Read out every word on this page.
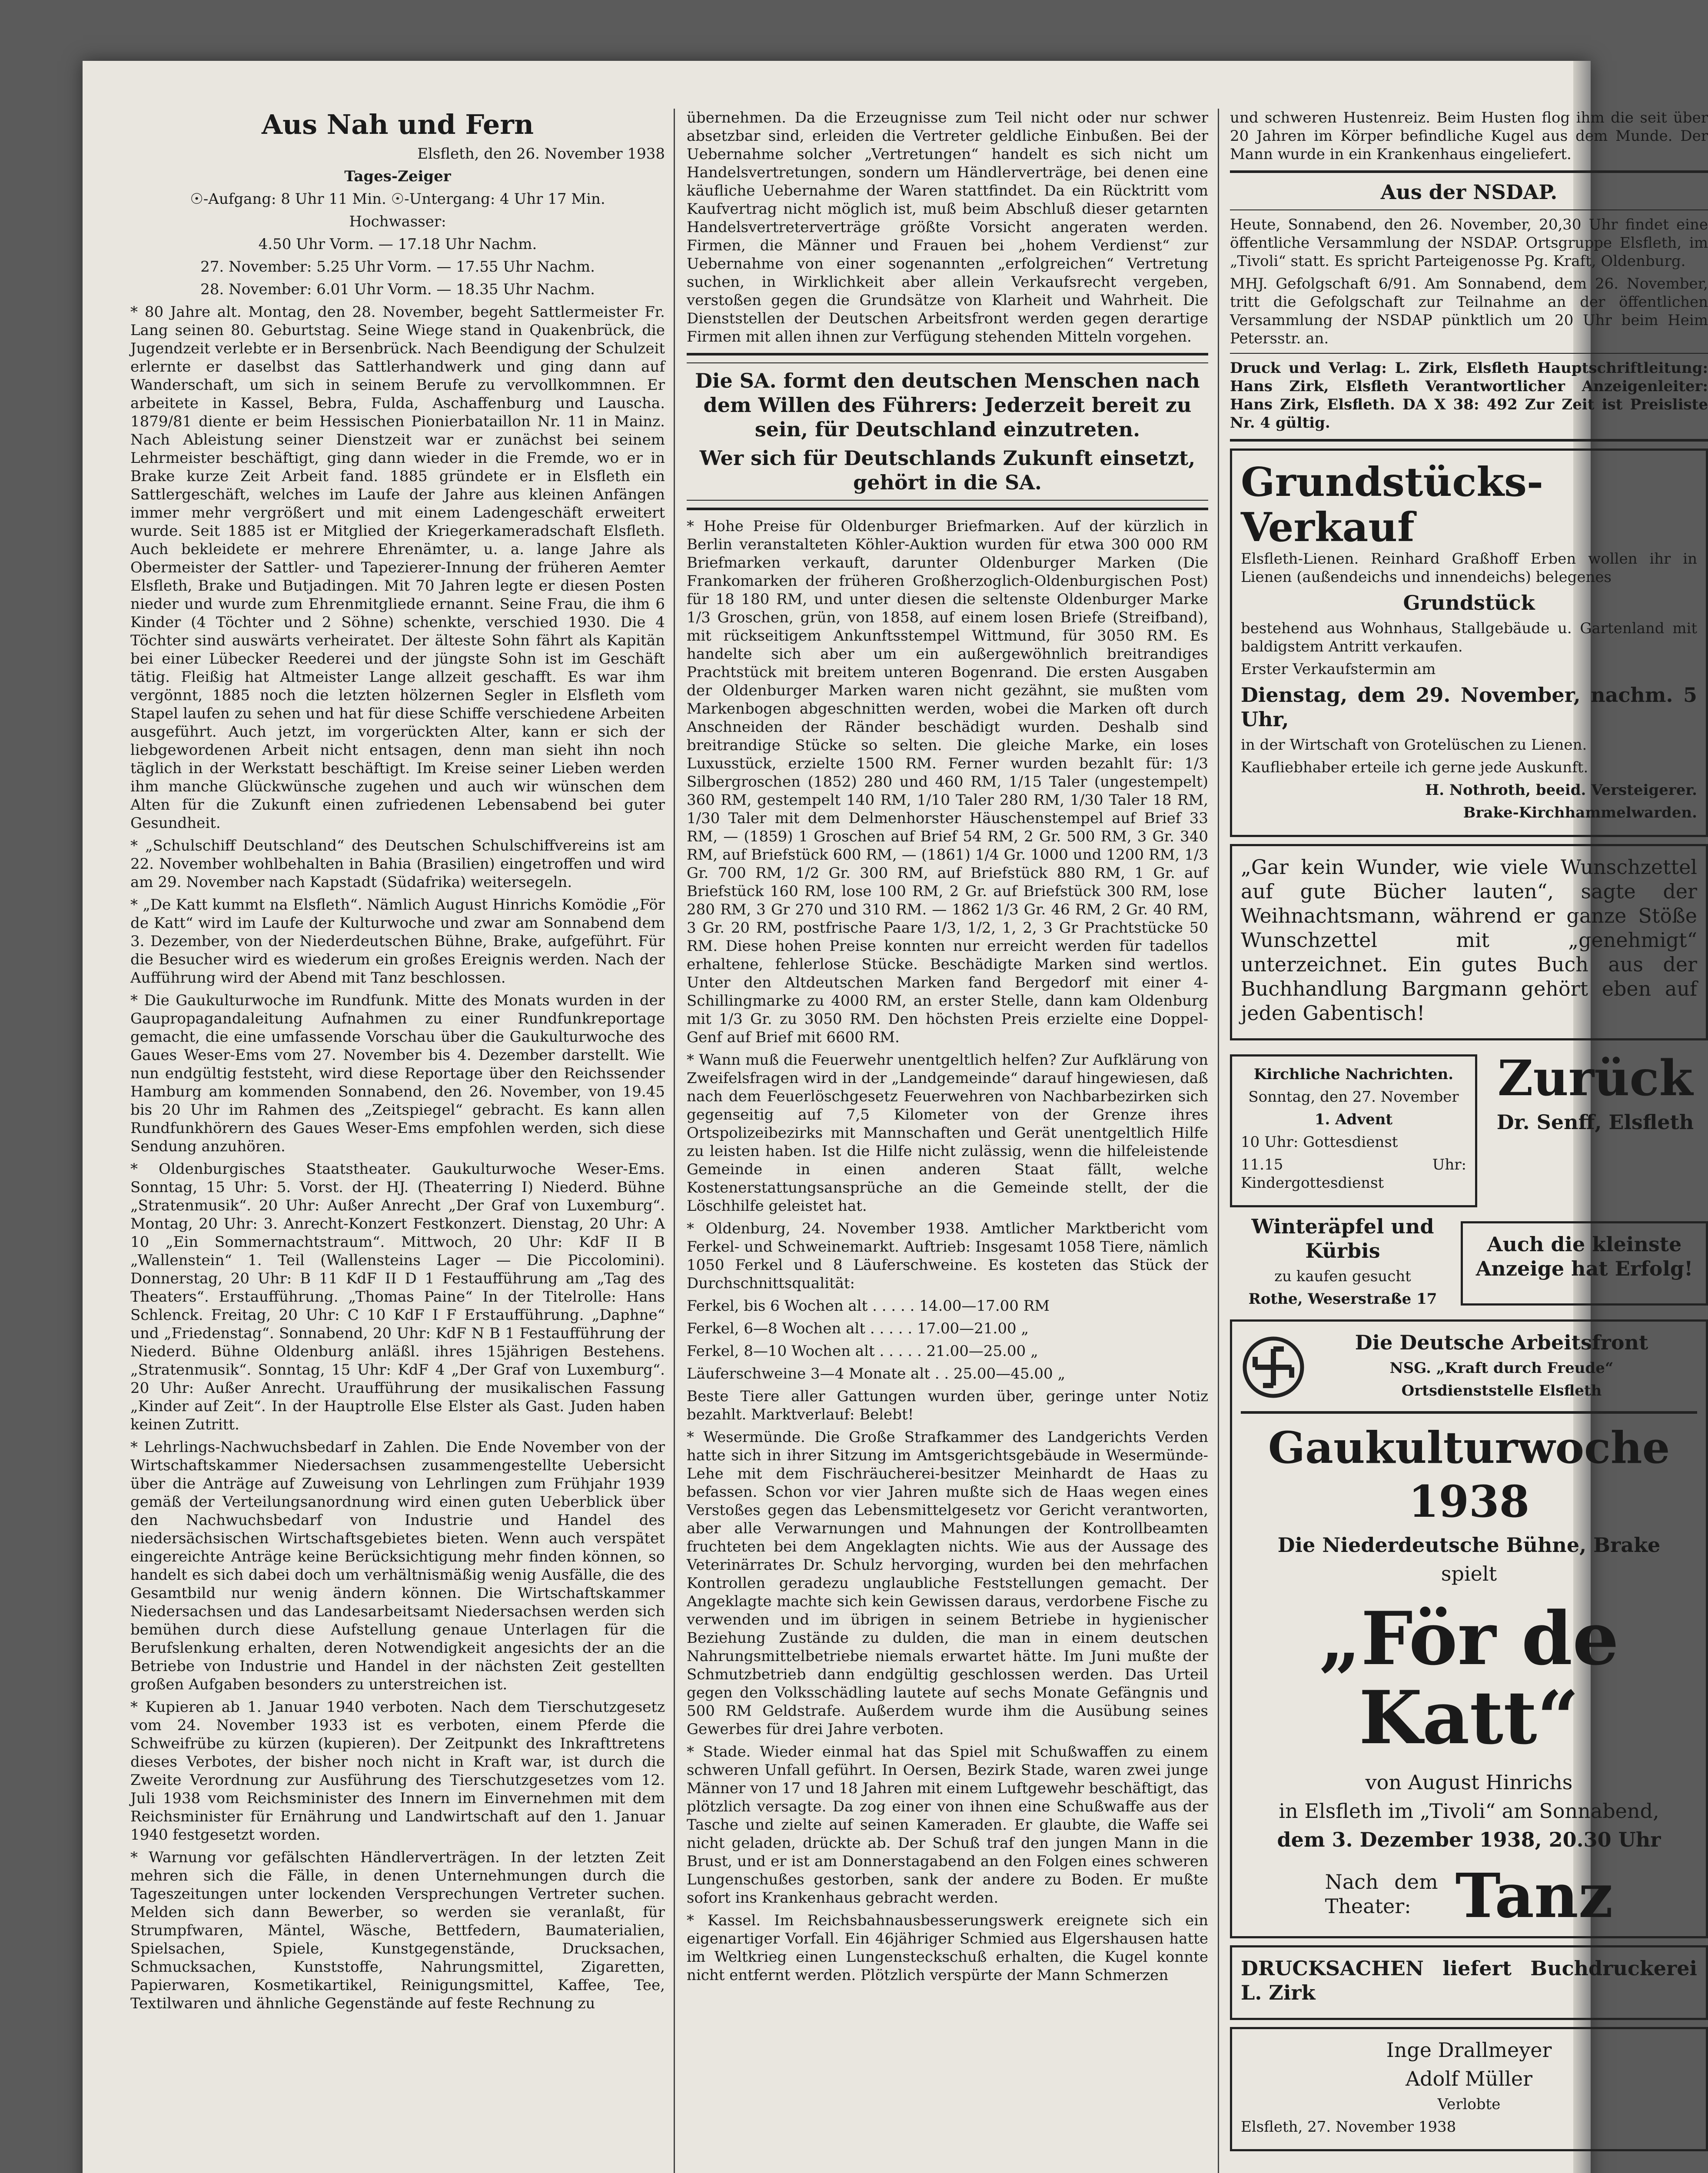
Aus Nah und Fern

Elsfleth, den 26. November 1938

Tages-Zeiger

☉-Aufgang: 8 Uhr 11 Min. ☉-Untergang: 4 Uhr 17 Min.

Hochwasser:

4.50 Uhr Vorm. — 17.18 Uhr Nachm.

27. November: 5.25 Uhr Vorm. — 17.55 Uhr Nachm.

28. November: 6.01 Uhr Vorm. — 18.35 Uhr Nachm.

* 80 Jahre alt. Montag, den 28. November, begeht Sattlermeister Fr. Lang seinen 80. Geburtstag. Seine Wiege stand in Quakenbrück, die Jugendzeit verlebte er in Bersenbrück. Nach Beendigung der Schulzeit erlernte er daselbst das Sattlerhandwerk und ging dann auf Wanderschaft, um sich in seinem Berufe zu vervollkommnen. Er arbeitete in Kassel, Bebra, Fulda, Aschaffenburg und Lauscha. 1879/81 diente er beim Hessischen Pionierbataillon Nr. 11 in Mainz. Nach Ableistung seiner Dienstzeit war er zunächst bei seinem Lehrmeister beschäftigt, ging dann wieder in die Fremde, wo er in Brake kurze Zeit Arbeit fand. 1885 gründete er in Elsfleth ein Sattlergeschäft, welches im Laufe der Jahre aus kleinen Anfängen immer mehr vergrößert und mit einem Ladengeschäft erweitert wurde. Seit 1885 ist er Mitglied der Kriegerkameradschaft Elsfleth. Auch bekleidete er mehrere Ehrenämter, u. a. lange Jahre als Obermeister der Sattler- und Tapezierer-Innung der früheren Aemter Elsfleth, Brake und Butjadingen. Mit 70 Jahren legte er diesen Posten nieder und wurde zum Ehrenmitgliede ernannt. Seine Frau, die ihm 6 Kinder (4 Töchter und 2 Söhne) schenkte, verschied 1930. Die 4 Töchter sind auswärts verheiratet. Der älteste Sohn fährt als Kapitän bei einer Lübecker Reederei und der jüngste Sohn ist im Geschäft tätig. Fleißig hat Altmeister Lange allzeit geschafft. Es war ihm vergönnt, 1885 noch die letzten hölzernen Segler in Elsfleth vom Stapel laufen zu sehen und hat für diese Schiffe verschiedene Arbeiten ausgeführt. Auch jetzt, im vorgerückten Alter, kann er sich der liebgewordenen Arbeit nicht entsagen, denn man sieht ihn noch täglich in der Werkstatt beschäftigt. Im Kreise seiner Lieben werden ihm manche Glückwünsche zugehen und auch wir wünschen dem Alten für die Zukunft einen zufriedenen Lebensabend bei guter Gesundheit.

* „Schulschiff Deutschland“ des Deutschen Schulschiffvereins ist am 22. November wohlbehalten in Bahia (Brasilien) eingetroffen und wird am 29. November nach Kapstadt (Südafrika) weitersegeln.

* „De Katt kummt na Elsfleth“. Nämlich August Hinrichs Komödie „För de Katt“ wird im Laufe der Kulturwoche und zwar am Sonnabend dem 3. Dezember, von der Niederdeutschen Bühne, Brake, aufgeführt. Für die Besucher wird es wiederum ein großes Ereignis werden. Nach der Aufführung wird der Abend mit Tanz beschlossen.

* Die Gaukulturwoche im Rundfunk. Mitte des Monats wurden in der Gaupropagandaleitung Aufnahmen zu einer Rundfunkreportage gemacht, die eine umfassende Vorschau über die Gaukulturwoche des Gaues Weser-Ems vom 27. November bis 4. Dezember darstellt. Wie nun endgültig feststeht, wird diese Reportage über den Reichssender Hamburg am kommenden Sonnabend, den 26. November, von 19.45 bis 20 Uhr im Rahmen des „Zeitspiegel“ gebracht. Es kann allen Rundfunkhörern des Gaues Weser-Ems empfohlen werden, sich diese Sendung anzuhören.

* Oldenburgisches Staatstheater. Gaukulturwoche Weser-Ems. Sonntag, 15 Uhr: 5. Vorst. der HJ. (Theaterring I) Niederd. Bühne „Stratenmusik“. 20 Uhr: Außer Anrecht „Der Graf von Luxemburg“. Montag, 20 Uhr: 3. Anrecht-Konzert Festkonzert. Dienstag, 20 Uhr: A 10 „Ein Sommernachtstraum“. Mittwoch, 20 Uhr: KdF II B „Wallenstein“ 1. Teil (Wallensteins Lager — Die Piccolomini). Donnerstag, 20 Uhr: B 11 KdF II D 1 Festaufführung am „Tag des Theaters“. Erstaufführung. „Thomas Paine“ In der Titelrolle: Hans Schlenck. Freitag, 20 Uhr: C 10 KdF I F Erstaufführung. „Daphne“ und „Friedenstag“. Sonnabend, 20 Uhr: KdF N B 1 Festaufführung der Niederd. Bühne Oldenburg anläßl. ihres 15jährigen Bestehens. „Stratenmusik“. Sonntag, 15 Uhr: KdF 4 „Der Graf von Luxemburg“. 20 Uhr: Außer Anrecht. Uraufführung der musikalischen Fassung „Kinder auf Zeit“. In der Hauptrolle Else Elster als Gast. Juden haben keinen Zutritt.

* Lehrlings-Nachwuchsbedarf in Zahlen. Die Ende November von der Wirtschaftskammer Niedersachsen zusammengestellte Uebersicht über die Anträge auf Zuweisung von Lehrlingen zum Frühjahr 1939 gemäß der Verteilungsanordnung wird einen guten Ueberblick über den Nachwuchsbedarf von Industrie und Handel des niedersächsischen Wirtschaftsgebietes bieten. Wenn auch verspätet eingereichte Anträge keine Berücksichtigung mehr finden können, so handelt es sich dabei doch um verhältnismäßig wenig Ausfälle, die des Gesamtbild nur wenig ändern können. Die Wirtschaftskammer Niedersachsen und das Landesarbeitsamt Niedersachsen werden sich bemühen durch diese Aufstellung genaue Unterlagen für die Berufslenkung erhalten, deren Notwendigkeit angesichts der an die Betriebe von Industrie und Handel in der nächsten Zeit gestellten großen Aufgaben besonders zu unterstreichen ist.

* Kupieren ab 1. Januar 1940 verboten. Nach dem Tierschutzgesetz vom 24. November 1933 ist es verboten, einem Pferde die Schweifrübe zu kürzen (kupieren). Der Zeitpunkt des Inkrafttretens dieses Verbotes, der bisher noch nicht in Kraft war, ist durch die Zweite Verordnung zur Ausführung des Tierschutzgesetzes vom 12. Juli 1938 vom Reichsminister des Innern im Einvernehmen mit dem Reichsminister für Ernährung und Landwirtschaft auf den 1. Januar 1940 festgesetzt worden.

* Warnung vor gefälschten Händlerverträgen. In der letzten Zeit mehren sich die Fälle, in denen Unternehmungen durch die Tageszeitungen unter lockenden Versprechungen Vertreter suchen. Melden sich dann Bewerber, so werden sie veranlaßt, für Strumpfwaren, Mäntel, Wäsche, Bettfedern, Baumaterialien, Spielsachen, Spiele, Kunstgegenstände, Drucksachen, Schmucksachen, Kunststoffe, Nahrungsmittel, Zigaretten, Papierwaren, Kosmetikartikel, Reinigungsmittel, Kaffee, Tee, Textilwaren und ähnliche Gegenstände auf feste Rechnung zu

übernehmen. Da die Erzeugnisse zum Teil nicht oder nur schwer absetzbar sind, erleiden die Vertreter geldliche Einbußen. Bei der Uebernahme solcher „Vertretungen“ handelt es sich nicht um Handelsvertretungen, sondern um Händlerverträge, bei denen eine käufliche Uebernahme der Waren stattfindet. Da ein Rücktritt vom Kaufvertrag nicht möglich ist, muß beim Abschluß dieser getarnten Handelsvertreterverträge größte Vorsicht angeraten werden. Firmen, die Männer und Frauen bei „hohem Verdienst“ zur Uebernahme von einer sogenannten „erfolgreichen“ Vertretung suchen, in Wirklichkeit aber allein Verkaufsrecht vergeben, verstoßen gegen die Grundsätze von Klarheit und Wahrheit. Die Dienststellen der Deutschen Arbeitsfront werden gegen derartige Firmen mit allen ihnen zur Verfügung stehenden Mitteln vorgehen.

Die SA. formt den deutschen Menschen nach dem Willen des Führers: Jederzeit bereit zu sein, für Deutschland einzutreten.

Wer sich für Deutschlands Zukunft einsetzt, gehört in die SA.

* Hohe Preise für Oldenburger Briefmarken. Auf der kürzlich in Berlin veranstalteten Köhler-Auktion wurden für etwa 300 000 RM Briefmarken verkauft, darunter Oldenburger Marken (Die Frankomarken der früheren Großherzoglich-Oldenburgischen Post) für 18 180 RM, und unter diesen die seltenste Oldenburger Marke 1/3 Groschen, grün, von 1858, auf einem losen Briefe (Streifband), mit rückseitigem Ankunftsstempel Wittmund, für 3050 RM. Es handelte sich aber um ein außergewöhnlich breitrandiges Prachtstück mit breitem unteren Bogenrand. Die ersten Ausgaben der Oldenburger Marken waren nicht gezähnt, sie mußten vom Markenbogen abgeschnitten werden, wobei die Marken oft durch Anschneiden der Ränder beschädigt wurden. Deshalb sind breitrandige Stücke so selten. Die gleiche Marke, ein loses Luxusstück, erzielte 1500 RM. Ferner wurden bezahlt für: 1/3 Silbergroschen (1852) 280 und 460 RM, 1/15 Taler (ungestempelt) 360 RM, gestempelt 140 RM, 1/10 Taler 280 RM, 1/30 Taler 18 RM, 1/30 Taler mit dem Delmenhorster Häuschenstempel auf Brief 33 RM, — (1859) 1 Groschen auf Brief 54 RM, 2 Gr. 500 RM, 3 Gr. 340 RM, auf Briefstück 600 RM, — (1861) 1/4 Gr. 1000 und 1200 RM, 1/3 Gr. 700 RM, 1/2 Gr. 300 RM, auf Briefstück 880 RM, 1 Gr. auf Briefstück 160 RM, lose 100 RM, 2 Gr. auf Briefstück 300 RM, lose 280 RM, 3 Gr 270 und 310 RM. — 1862 1/3 Gr. 46 RM, 2 Gr. 40 RM, 3 Gr. 20 RM, postfrische Paare 1/3, 1/2, 1, 2, 3 Gr Prachtstücke 50 RM. Diese hohen Preise konnten nur erreicht werden für tadellos erhaltene, fehlerlose Stücke. Beschädigte Marken sind wertlos. Unter den Altdeutschen Marken fand Bergedorf mit einer 4-Schillingmarke zu 4000 RM, an erster Stelle, dann kam Oldenburg mit 1/3 Gr. zu 3050 RM. Den höchsten Preis erzielte eine Doppel-Genf auf Brief mit 6600 RM.

* Wann muß die Feuerwehr unentgeltlich helfen? Zur Aufklärung von Zweifelsfragen wird in der „Landgemeinde“ darauf hingewiesen, daß nach dem Feuerlöschgesetz Feuerwehren von Nachbarbezirken sich gegenseitig auf 7,5 Kilometer von der Grenze ihres Ortspolizeibezirks mit Mannschaften und Gerät unentgeltlich Hilfe zu leisten haben. Ist die Hilfe nicht zulässig, wenn die hilfeleistende Gemeinde in einen anderen Staat fällt, welche Kostenerstattungsansprüche an die Gemeinde stellt, der die Löschhilfe geleistet hat.

* Oldenburg, 24. November 1938. Amtlicher Marktbericht vom Ferkel- und Schweinemarkt. Auftrieb: Insgesamt 1058 Tiere, nämlich 1050 Ferkel und 8 Läuferschweine. Es kosteten das Stück der Durchschnittsqualität:

Ferkel, bis 6 Wochen alt . . . . . 14.00—17.00 RM

Ferkel, 6—8 Wochen alt . . . . . 17.00—21.00 „

Ferkel, 8—10 Wochen alt . . . . . 21.00—25.00 „

Läuferschweine 3—4 Monate alt . . 25.00—45.00 „

Beste Tiere aller Gattungen wurden über, geringe unter Notiz bezahlt. Marktverlauf: Belebt!

* Wesermünde. Die Große Strafkammer des Landgerichts Verden hatte sich in ihrer Sitzung im Amtsgerichtsgebäude in Wesermünde-Lehe mit dem Fischräucherei-besitzer Meinhardt de Haas zu befassen. Schon vor vier Jahren mußte sich de Haas wegen eines Verstoßes gegen das Lebensmittelgesetz vor Gericht verantworten, aber alle Verwarnungen und Mahnungen der Kontrollbeamten fruchteten bei dem Angeklagten nichts. Wie aus der Aussage des Veterinärrates Dr. Schulz hervorging, wurden bei den mehrfachen Kontrollen geradezu unglaubliche Feststellungen gemacht. Der Angeklagte machte sich kein Gewissen daraus, verdorbene Fische zu verwenden und im übrigen in seinem Betriebe in hygienischer Beziehung Zustände zu dulden, die man in einem deutschen Nahrungsmittelbetriebe niemals erwartet hätte. Im Juni mußte der Schmutzbetrieb dann endgültig geschlossen werden. Das Urteil gegen den Volksschädling lautete auf sechs Monate Gefängnis und 500 RM Geldstrafe. Außerdem wurde ihm die Ausübung seines Gewerbes für drei Jahre verboten.

* Stade. Wieder einmal hat das Spiel mit Schußwaffen zu einem schweren Unfall geführt. In Oersen, Bezirk Stade, waren zwei junge Männer von 17 und 18 Jahren mit einem Luftgewehr beschäftigt, das plötzlich versagte. Da zog einer von ihnen eine Schußwaffe aus der Tasche und zielte auf seinen Kameraden. Er glaubte, die Waffe sei nicht geladen, drückte ab. Der Schuß traf den jungen Mann in die Brust, und er ist am Donnerstagabend an den Folgen eines schweren Lungenschußes gestorben, sank der andere zu Boden. Er mußte sofort ins Krankenhaus gebracht werden.

* Kassel. Im Reichsbahnausbesserungswerk ereignete sich ein eigenartiger Vorfall. Ein 46jähriger Schmied aus Elgershausen hatte im Weltkrieg einen Lungensteckschuß erhalten, die Kugel konnte nicht entfernt werden. Plötzlich verspürte der Mann Schmerzen

und schweren Hustenreiz. Beim Husten flog ihm die seit über 20 Jahren im Körper befindliche Kugel aus dem Munde. Der Mann wurde in ein Krankenhaus eingeliefert.

Aus der NSDAP.

Heute, Sonnabend, den 26. November, 20,30 Uhr findet eine öffentliche Versammlung der NSDAP. Ortsgruppe Elsfleth, im „Tivoli“ statt. Es spricht Parteigenosse Pg. Kraft, Oldenburg.

MHJ. Gefolgschaft 6/91. Am Sonnabend, dem 26. November, tritt die Gefolgschaft zur Teilnahme an der öffentlichen Versammlung der NSDAP pünktlich um 20 Uhr beim Heim Petersstr. an.

Druck und Verlag: L. Zirk, Elsfleth Hauptschriftleitung: Hans Zirk, Elsfleth Verantwortlicher Anzeigenleiter: Hans Zirk, Elsfleth. DA X 38: 492 Zur Zeit ist Preisliste Nr. 4 gültig.

Grundstücks-Verkauf

Elsfleth-Lienen. Reinhard Graßhoff Erben wollen ihr in Lienen (außendeichs und innendeichs) belegenes

Grundstück

bestehend aus Wohnhaus, Stallgebäude u. Gartenland mit baldigstem Antritt verkaufen.

Erster Verkaufstermin am

Dienstag, dem 29. November, nachm. 5 Uhr,

in der Wirtschaft von Grotelüschen zu Lienen.

Kaufliebhaber erteile ich gerne jede Auskunft.

H. Nothroth, beeid. Versteigerer.

Brake-Kirchhammelwarden.

„Gar kein Wunder, wie viele Wunschzettel auf gute Bücher lauten“, sagte der Weihnachtsmann, während er ganze Stöße Wunschzettel mit „genehmigt“ unterzeichnet. Ein gutes Buch aus der Buchhandlung Bargmann gehört eben auf jeden Gabentisch!

Kirchliche Nachrichten.

Sonntag, den 27. November

1. Advent

10 Uhr: Gottesdienst

11.15 Uhr: Kindergottesdienst

Zurück

Dr. Senff, Elsfleth

Winteräpfel und Kürbis

zu kaufen gesucht

Rothe, Weserstraße 17

Auch die kleinste Anzeige hat Erfolg!

Die Deutsche Arbeitsfront

NSG. „Kraft durch Freude“

Ortsdienststelle Elsfleth

Gaukulturwoche 1938

Die Niederdeutsche Bühne, Brake

spielt

„För de Katt“

von August Hinrichs

in Elsfleth im „Tivoli“ am Sonnabend,

dem 3. Dezember 1938, 20.30 Uhr

Nach dem Theater: Tanz

DRUCKSACHEN liefert Buchdruckerei L. Zirk

Inge Drallmeyer

Adolf Müller

Verlobte

Elsfleth, 27. November 1938
